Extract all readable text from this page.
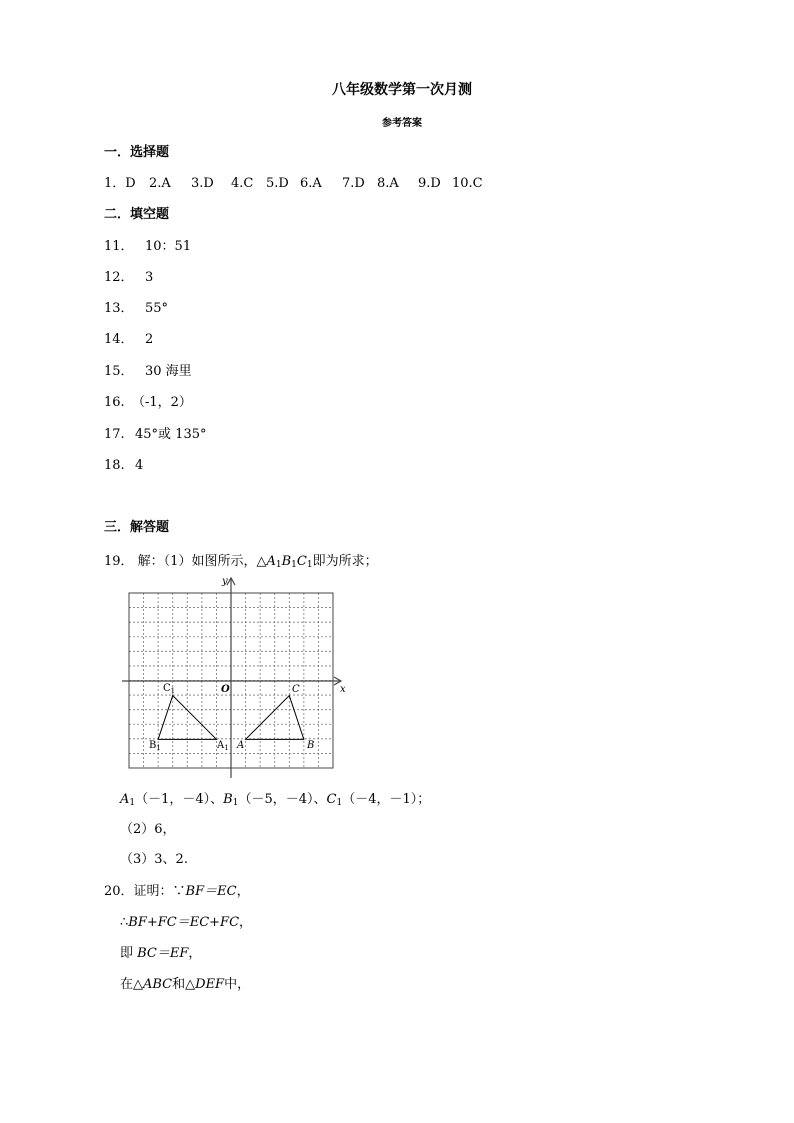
八年级数学第一次月测
参考答案
一．选择题
1．D 2.A 3.D 4.C 5.D 6.A 7.D 8.A 9.D 10.C
二．填空题
11． 10：51
12． 3
13． 55°
14． 2
15． 30 海里
16. （-1，2）
17. 45°或 135°
18. 4
三．解答题
19． 解：（1）如图所示，$\triangle A_1B_1C_1$即为所求；
x
y
O
$C_1$
$B_1$	$A_1$ A	B
C
$A_1(-1$，－4）、$B_1(-5$，－4）、$C_1(-4$，－1）；
（2）6，
（3）3、2.
20．证明：∵BF＝EC，
∴BF+FC＝EC+FC，
即 BC＝EF，
在△ABC和△DEF中，
